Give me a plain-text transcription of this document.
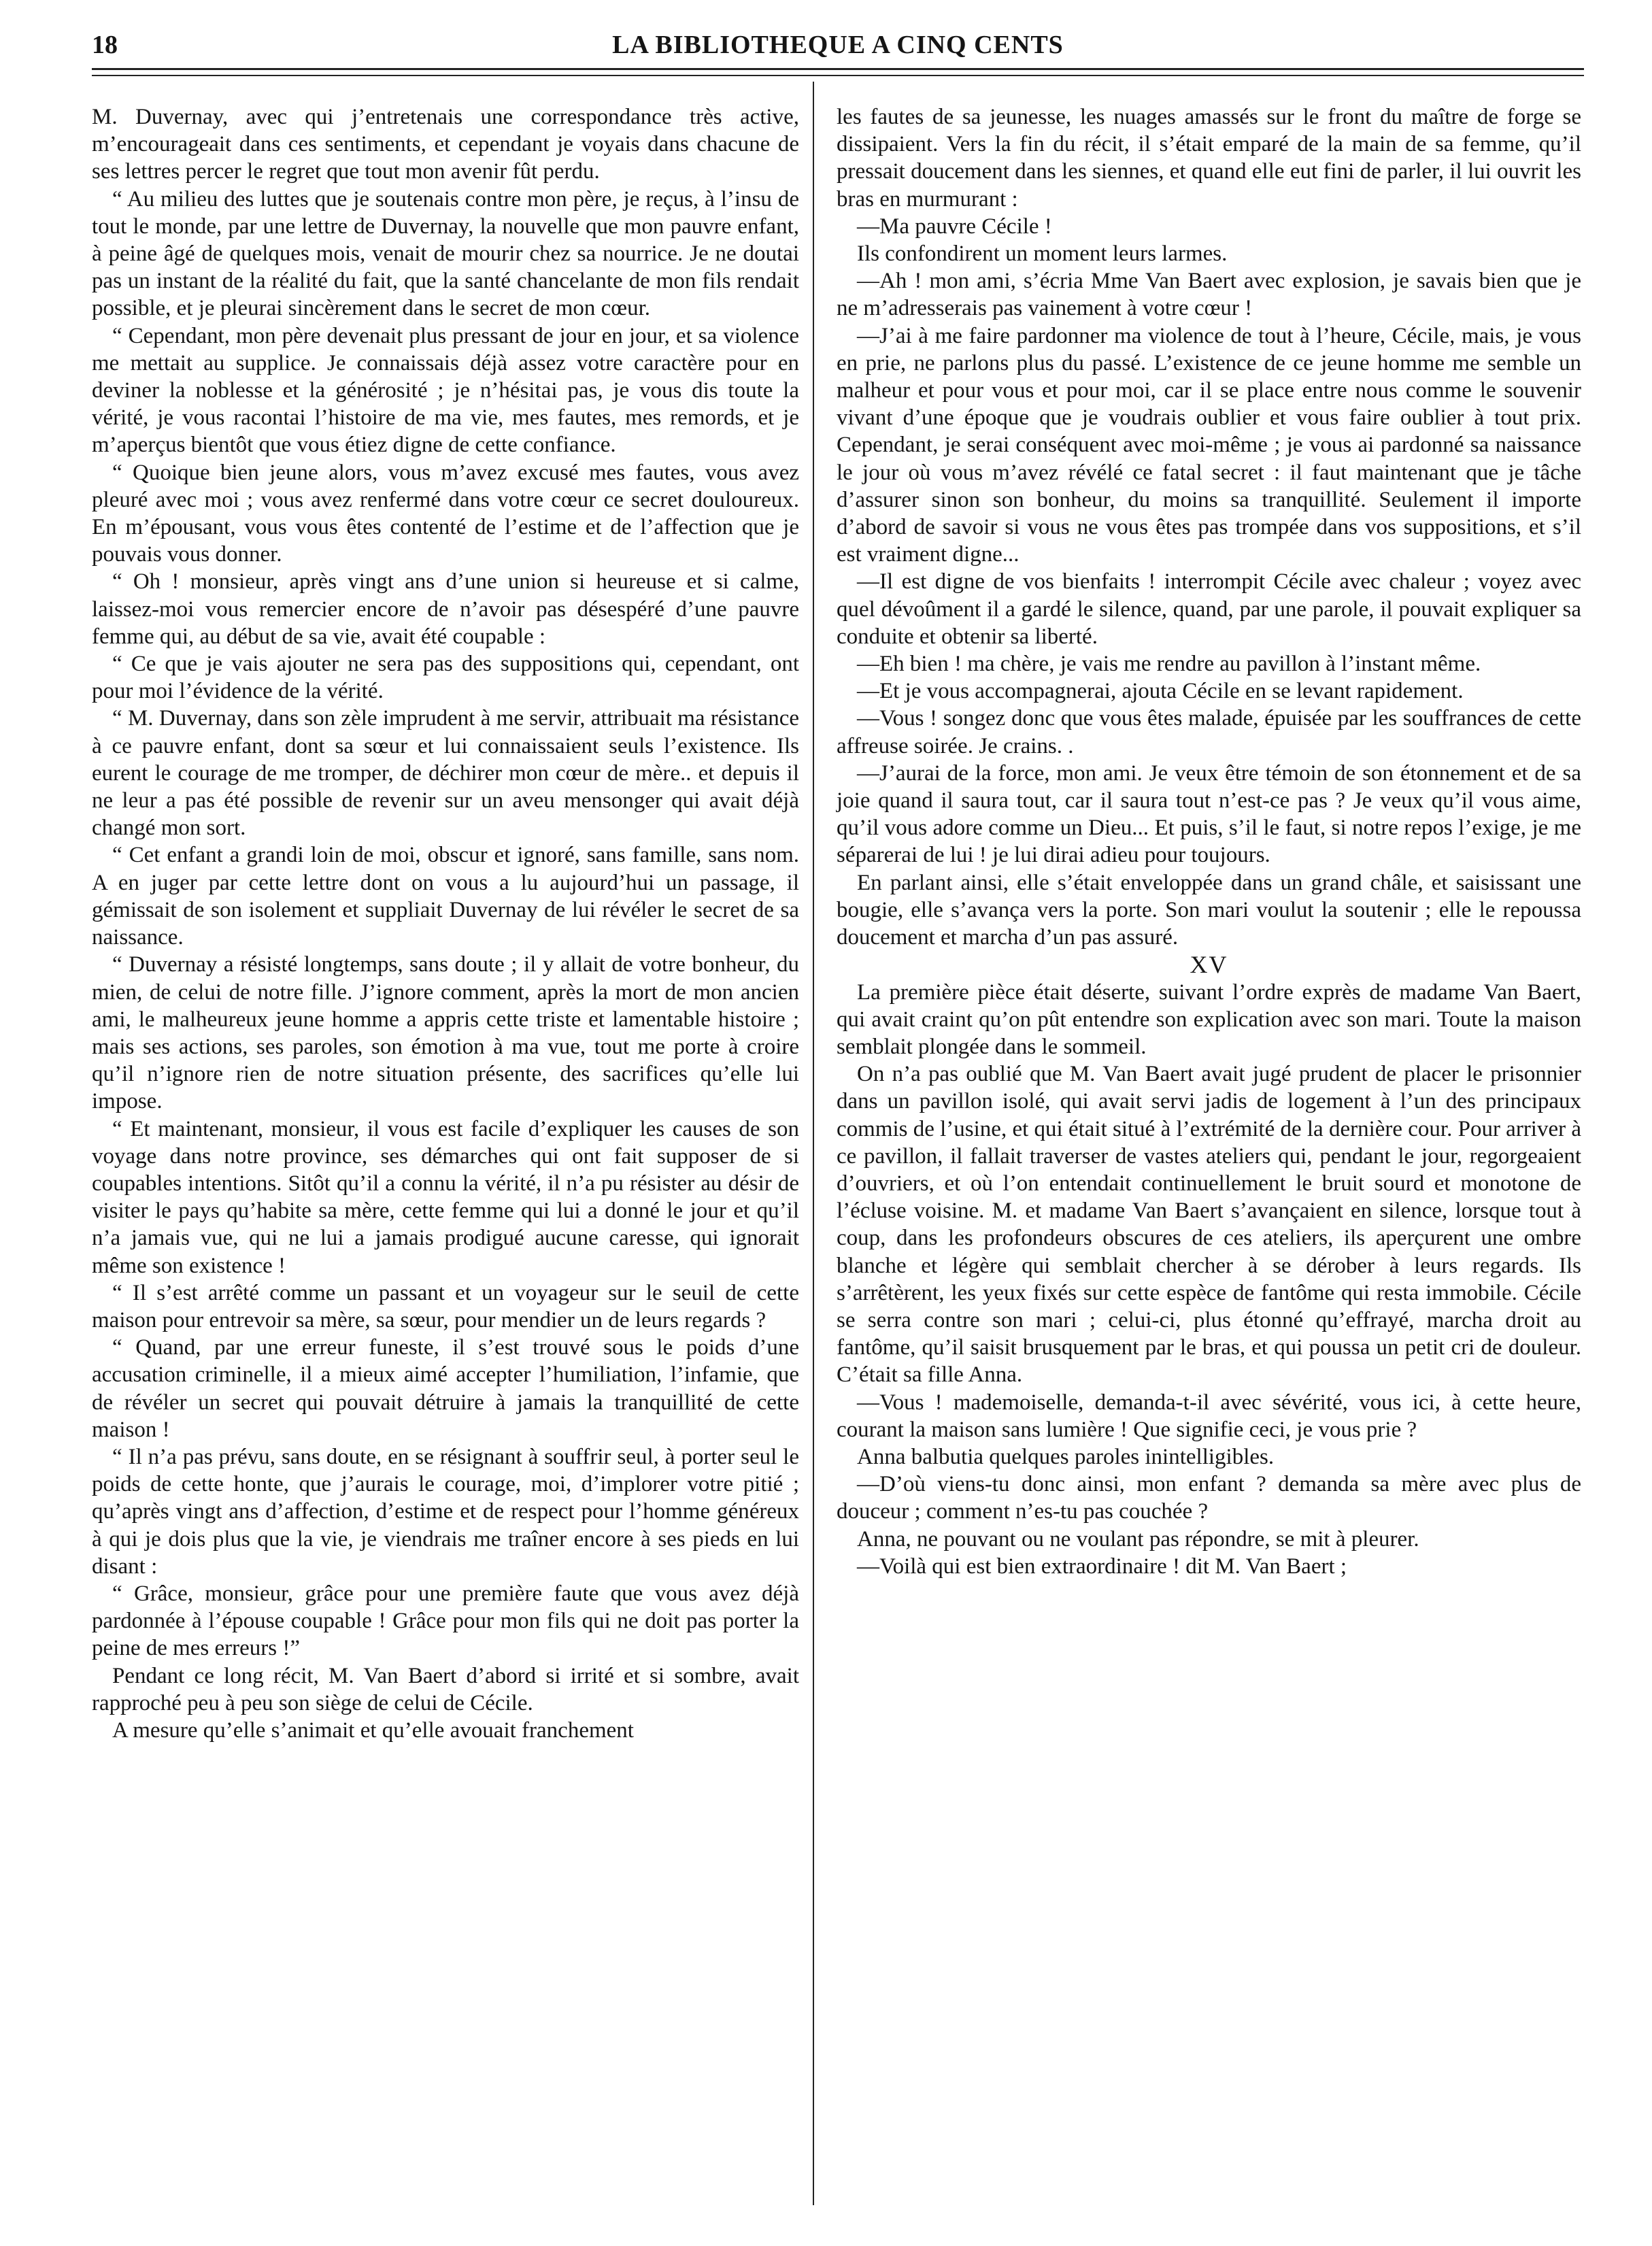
18	LA BIBLIOTHEQUE A CINQ CENTS

M. Duvernay, avec qui j’entretenais une correspondance très active, m’encourageait dans ces sentiments, et cependant je voyais dans chacune de ses lettres percer le regret que tout mon avenir fût perdu.

“ Au milieu des luttes que je soutenais contre mon père, je reçus, à l’insu de tout le monde, par une lettre de Duvernay, la nouvelle que mon pauvre enfant, à peine âgé de quelques mois, venait de mourir chez sa nourrice. Je ne doutai pas un instant de la réalité du fait, que la santé chancelante de mon fils rendait possible, et je pleurai sincèrement dans le secret de mon cœur.

“ Cependant, mon père devenait plus pressant de jour en jour, et sa violence me mettait au supplice. Je connaissais déjà assez votre caractère pour en deviner la noblesse et la générosité ; je n’hésitai pas, je vous dis toute la vérité, je vous racontai l’histoire de ma vie, mes fautes, mes remords, et je m’aperçus bientôt que vous étiez digne de cette confiance.

“ Quoique bien jeune alors, vous m’avez excusé mes fautes, vous avez pleuré avec moi ; vous avez renfermé dans votre cœur ce secret douloureux. En m’épousant, vous vous êtes contenté de l’estime et de l’affection que je pouvais vous donner.

“ Oh ! monsieur, après vingt ans d’une union si heureuse et si calme, laissez-moi vous remercier encore de n’avoir pas désespéré d’une pauvre femme qui, au début de sa vie, avait été coupable :

“ Ce que je vais ajouter ne sera pas des suppositions qui, cependant, ont pour moi l’évidence de la vérité.

“ M. Duvernay, dans son zèle imprudent à me servir, attribuait ma résistance à ce pauvre enfant, dont sa sœur et lui connaissaient seuls l’existence. Ils eurent le courage de me tromper, de déchirer mon cœur de mère.. et depuis il ne leur a pas été possible de revenir sur un aveu mensonger qui avait déjà changé mon sort.

“ Cet enfant a grandi loin de moi, obscur et ignoré, sans famille, sans nom. A en juger par cette lettre dont on vous a lu aujourd’hui un passage, il gémissait de son isolement et suppliait Duvernay de lui révéler le secret de sa naissance.

“ Duvernay a résisté longtemps, sans doute ; il y allait de votre bonheur, du mien, de celui de notre fille. J’ignore comment, après la mort de mon ancien ami, le malheureux jeune homme a appris cette triste et lamentable histoire ; mais ses actions, ses paroles, son émotion à ma vue, tout me porte à croire qu’il n’ignore rien de notre situation présente, des sacrifices qu’elle lui impose.

“ Et maintenant, monsieur, il vous est facile d’expliquer les causes de son voyage dans notre province, ses démarches qui ont fait supposer de si coupables intentions. Sitôt qu’il a connu la vérité, il n’a pu résister au désir de visiter le pays qu’habite sa mère, cette femme qui lui a donné le jour et qu’il n’a jamais vue, qui ne lui a jamais prodigué aucune caresse, qui ignorait même son existence !

“ Il s’est arrêté comme un passant et un voyageur sur le seuil de cette maison pour entrevoir sa mère, sa sœur, pour mendier un de leurs regards ?

“ Quand, par une erreur funeste, il s’est trouvé sous le poids d’une accusation criminelle, il a mieux aimé accepter l’humiliation, l’infamie, que de révéler un secret qui pouvait détruire à jamais la tranquillité de cette maison !

“ Il n’a pas prévu, sans doute, en se résignant à souffrir seul, à porter seul le poids de cette honte, que j’aurais le courage, moi, d’implorer votre pitié ; qu’après vingt ans d’affection, d’estime et de respect pour l’homme généreux à qui je dois plus que la vie, je viendrais me traîner encore à ses pieds en lui disant :

“ Grâce, monsieur, grâce pour une première faute que vous avez déjà pardonnée à l’épouse coupable ! Grâce pour mon fils qui ne doit pas porter la peine de mes erreurs !”

Pendant ce long récit, M. Van Baert d’abord si irrité et si sombre, avait rapproché peu à peu son siège de celui de Cécile.

A mesure qu’elle s’animait et qu’elle avouait franchement

les fautes de sa jeunesse, les nuages amassés sur le front du maître de forge se dissipaient. Vers la fin du récit, il s’était emparé de la main de sa femme, qu’il pressait doucement dans les siennes, et quand elle eut fini de parler, il lui ouvrit les bras en murmurant :

—Ma pauvre Cécile !

Ils confondirent un moment leurs larmes.

—Ah ! mon ami, s’écria Mme Van Baert avec explosion, je savais bien que je ne m’adresserais pas vainement à votre cœur !

—J’ai à me faire pardonner ma violence de tout à l’heure, Cécile, mais, je vous en prie, ne parlons plus du passé. L’existence de ce jeune homme me semble un malheur et pour vous et pour moi, car il se place entre nous comme le souvenir vivant d’une époque que je voudrais oublier et vous faire oublier à tout prix. Cependant, je serai conséquent avec moi-même ; je vous ai pardonné sa naissance le jour où vous m’avez révélé ce fatal secret : il faut maintenant que je tâche d’assurer sinon son bonheur, du moins sa tranquillité. Seulement il importe d’abord de savoir si vous ne vous êtes pas trompée dans vos suppositions, et s’il est vraiment digne...

—Il est digne de vos bienfaits ! interrompit Cécile avec chaleur ; voyez avec quel dévoûment il a gardé le silence, quand, par une parole, il pouvait expliquer sa conduite et obtenir sa liberté.

—Eh bien ! ma chère, je vais me rendre au pavillon à l’instant même.

—Et je vous accompagnerai, ajouta Cécile en se levant rapidement.

—Vous ! songez donc que vous êtes malade, épuisée par les souffrances de cette affreuse soirée. Je crains. .

—J’aurai de la force, mon ami. Je veux être témoin de son étonnement et de sa joie quand il saura tout, car il saura tout n’est-ce pas ? Je veux qu’il vous aime, qu’il vous adore comme un Dieu... Et puis, s’il le faut, si notre repos l’exige, je me séparerai de lui ! je lui dirai adieu pour toujours.

En parlant ainsi, elle s’était enveloppée dans un grand châle, et saisissant une bougie, elle s’avança vers la porte. Son mari voulut la soutenir ; elle le repoussa doucement et marcha d’un pas assuré.

XV

La première pièce était déserte, suivant l’ordre exprès de madame Van Baert, qui avait craint qu’on pût entendre son explication avec son mari. Toute la maison semblait plongée dans le sommeil.

On n’a pas oublié que M. Van Baert avait jugé prudent de placer le prisonnier dans un pavillon isolé, qui avait servi jadis de logement à l’un des principaux commis de l’usine, et qui était situé à l’extrémité de la dernière cour. Pour arriver à ce pavillon, il fallait traverser de vastes ateliers qui, pendant le jour, regorgeaient d’ouvriers, et où l’on entendait continuellement le bruit sourd et monotone de l’écluse voisine. M. et madame Van Baert s’avançaient en silence, lorsque tout à coup, dans les profondeurs obscures de ces ateliers, ils aperçurent une ombre blanche et légère qui semblait chercher à se dérober à leurs regards. Ils s’arrêtèrent, les yeux fixés sur cette espèce de fantôme qui resta immobile. Cécile se serra contre son mari ; celui-ci, plus étonné qu’effrayé, marcha droit au fantôme, qu’il saisit brusquement par le bras, et qui poussa un petit cri de douleur. C’était sa fille Anna.

—Vous ! mademoiselle, demanda-t-il avec sévérité, vous ici, à cette heure, courant la maison sans lumière ! Que signifie ceci, je vous prie ?

Anna balbutia quelques paroles inintelligibles.

—D’où viens-tu donc ainsi, mon enfant ? demanda sa mère avec plus de douceur ; comment n’es-tu pas couchée ?

Anna, ne pouvant ou ne voulant pas répondre, se mit à pleurer.

—Voilà qui est bien extraordinaire ! dit M. Van Baert ;
